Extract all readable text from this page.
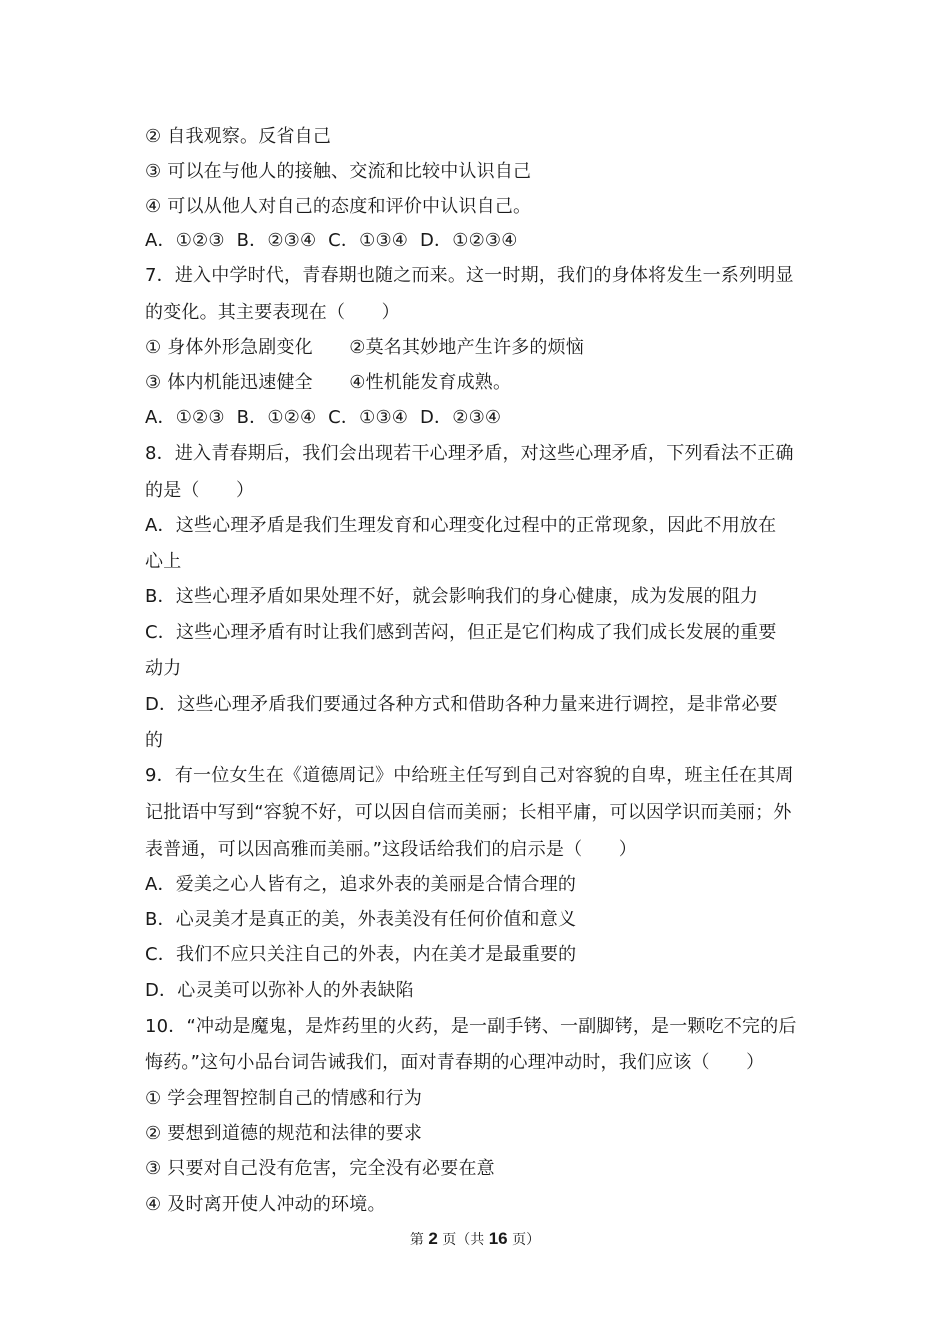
② 自我观察。反省自己
③ 可以在与他人的接触、交流和比较中认识自己
④ 可以从他人对自己的态度和评价中认识自己。
A．①②③  B．②③④  C．①③④  D．①②③④
7．进入中学时代，青春期也随之而来。这一时期，我们的身体将发生一系列明显
的变化。其主要表现在（　　）
① 身体外形急剧变化　　②莫名其妙地产生许多的烦恼
③ 体内机能迅速健全　　④性机能发育成熟。
A．①②③  B．①②④  C．①③④  D．②③④
8．进入青春期后，我们会出现若干心理矛盾，对这些心理矛盾，下列看法不正确
的是（　　）
A．这些心理矛盾是我们生理发育和心理变化过程中的正常现象，因此不用放在
心上
B．这些心理矛盾如果处理不好，就会影响我们的身心健康，成为发展的阻力
C．这些心理矛盾有时让我们感到苦闷，但正是它们构成了我们成长发展的重要
动力
D．这些心理矛盾我们要通过各种方式和借助各种力量来进行调控，是非常必要
的
9．有一位女生在《道德周记》中给班主任写到自己对容貌的自卑，班主任在其周
记批语中写到“容貌不好，可以因自信而美丽；长相平庸，可以因学识而美丽；外
表普通，可以因高雅而美丽。”这段话给我们的启示是（　　）
A．爱美之心人皆有之，追求外表的美丽是合情合理的
B．心灵美才是真正的美，外表美没有任何价值和意义
C．我们不应只关注自己的外表，内在美才是最重要的
D．心灵美可以弥补人的外表缺陷
10．“冲动是魔鬼，是炸药里的火药，是一副手铐、一副脚铐，是一颗吃不完的后
悔药。”这句小品台词告诫我们，面对青春期的心理冲动时，我们应该（　　）
① 学会理智控制自己的情感和行为
② 要想到道德的规范和法律的要求
③ 只要对自己没有危害，完全没有必要在意
④ 及时离开使人冲动的环境。
第 2 页（共 16 页）
